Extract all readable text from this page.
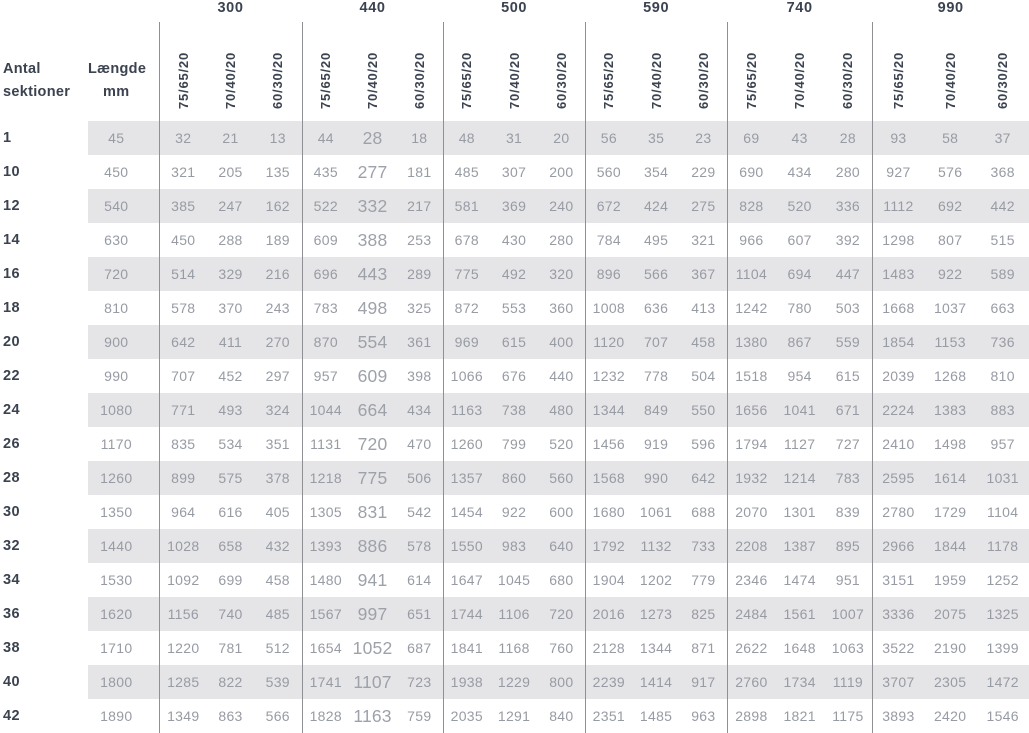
		300			440			500			590			740			990		

Antal
sektioner

Længde
mm	75/65/20	70/40/20	60/30/20	75/65/20	70/40/20	60/30/20	75/65/20	70/40/20	60/30/20	75/65/20	70/40/20	60/30/20	75/65/20	70/40/20	60/30/20	75/65/20	70/40/20	60/30/20
1	45	32	21	13	44	28	18	48	31	20	56	35	23	69	43	28	93	58	37
10	450	321	205	135	435	277	181	485	307	200	560	354	229	690	434	280	927	576	368
12	540	385	247	162	522	332	217	581	369	240	672	424	275	828	520	336	1112	692	442
14	630	450	288	189	609	388	253	678	430	280	784	495	321	966	607	392	1298	807	515
16	720	514	329	216	696	443	289	775	492	320	896	566	367	1104	694	447	1483	922	589
18	810	578	370	243	783	498	325	872	553	360	1008	636	413	1242	780	503	1668	1037	663
20	900	642	411	270	870	554	361	969	615	400	1120	707	458	1380	867	559	1854	1153	736
22	990	707	452	297	957	609	398	1066	676	440	1232	778	504	1518	954	615	2039	1268	810
24	1080	771	493	324	1044	664	434	1163	738	480	1344	849	550	1656	1041	671	2224	1383	883
26	1170	835	534	351	1131	720	470	1260	799	520	1456	919	596	1794	1127	727	2410	1498	957
28	1260	899	575	378	1218	775	506	1357	860	560	1568	990	642	1932	1214	783	2595	1614	1031
30	1350	964	616	405	1305	831	542	1454	922	600	1680	1061	688	2070	1301	839	2780	1729	1104
32	1440	1028	658	432	1393	886	578	1550	983	640	1792	1132	733	2208	1387	895	2966	1844	1178
34	1530	1092	699	458	1480	941	614	1647	1045	680	1904	1202	779	2346	1474	951	3151	1959	1252
36	1620	1156	740	485	1567	997	651	1744	1106	720	2016	1273	825	2484	1561	1007	3336	2075	1325
38	1710	1220	781	512	1654	1052	687	1841	1168	760	2128	1344	871	2622	1648	1063	3522	2190	1399
40	1800	1285	822	539	1741	1107	723	1938	1229	800	2239	1414	917	2760	1734	1119	3707	2305	1472
42	1890	1349	863	566	1828	1163	759	2035	1291	840	2351	1485	963	2898	1821	1175	3893	2420	1546
